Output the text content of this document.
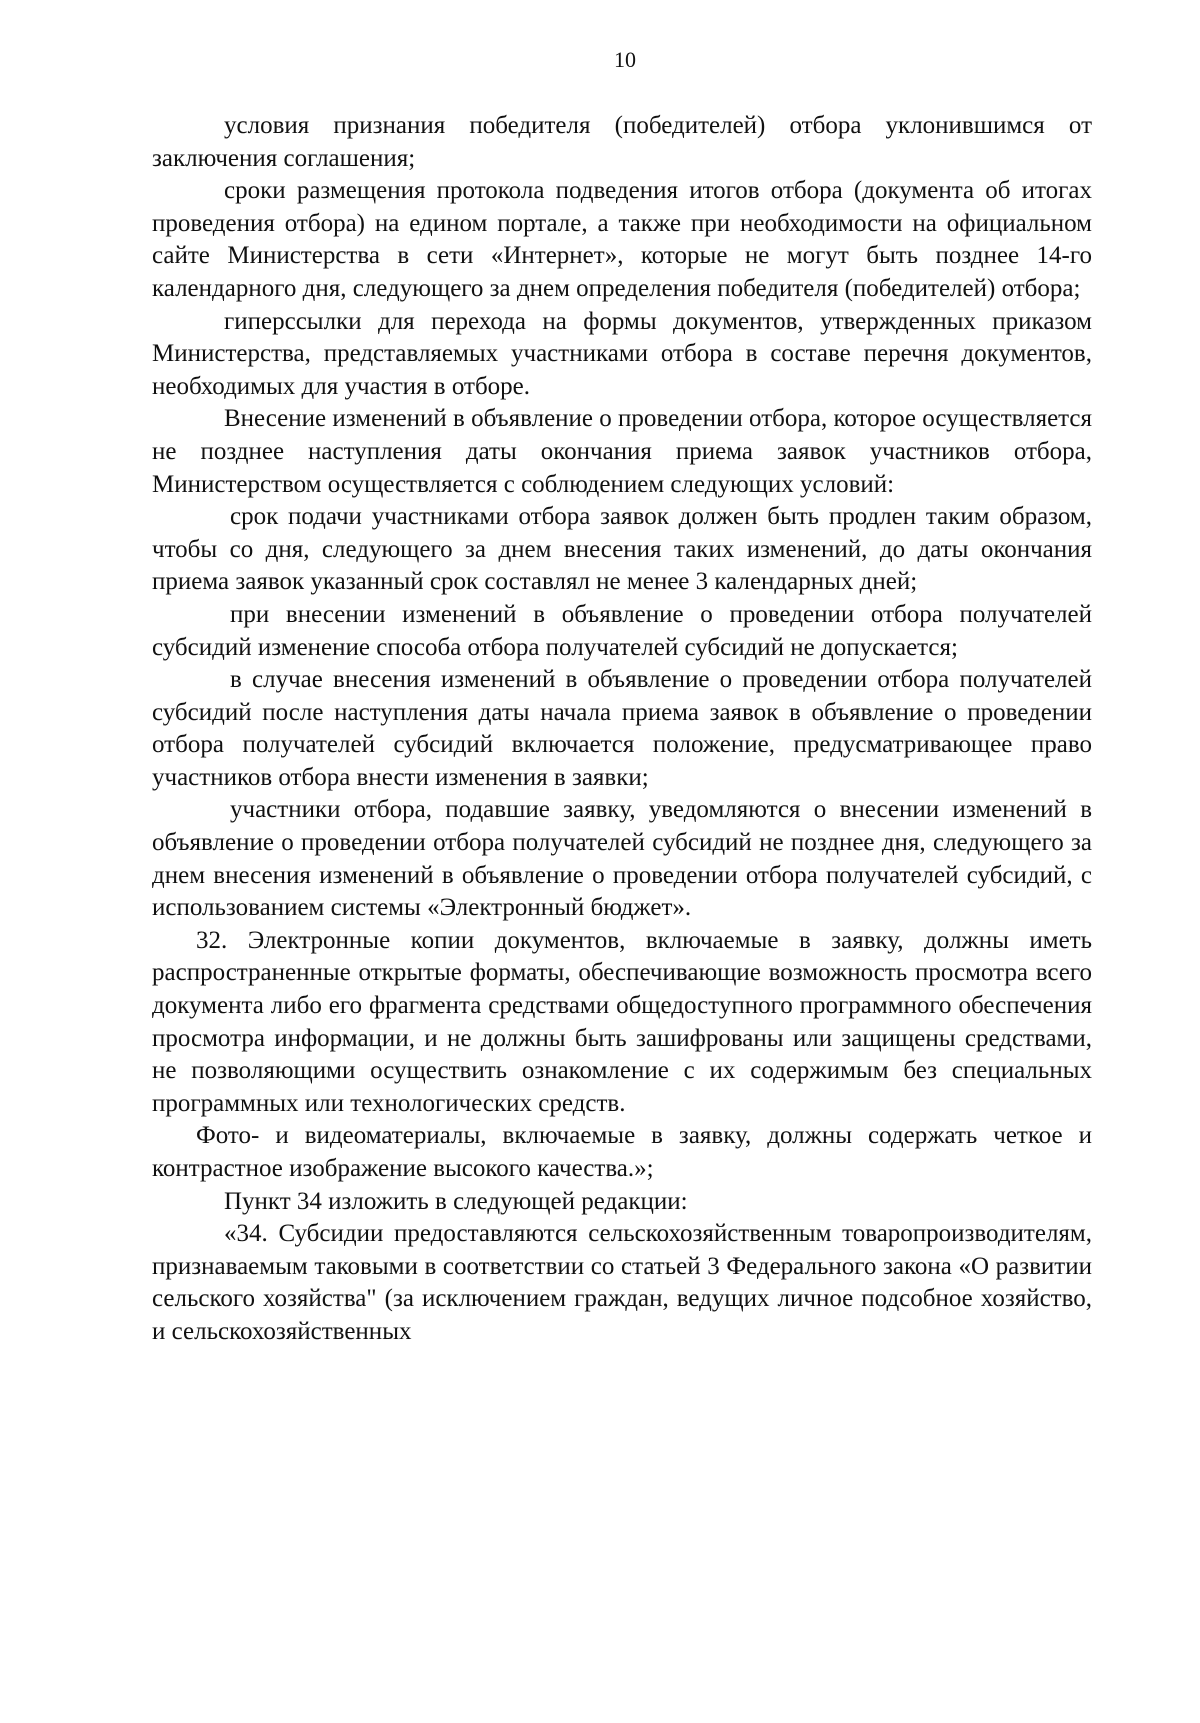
10

условия признания победителя (победителей) отбора уклонившимся от заключения соглашения;

сроки размещения протокола подведения итогов отбора (документа об итогах проведения отбора) на едином портале, а также при необходимости на официальном сайте Министерства в сети «Интернет», которые не могут быть позднее 14-го календарного дня, следующего за днем определения победителя (победителей) отбора;

гиперссылки для перехода на формы документов, утвержденных приказом Министерства, представляемых участниками отбора в составе перечня документов, необходимых для участия в отборе.

Внесение изменений в объявление о проведении отбора, которое осуществляется не позднее наступления даты окончания приема заявок участников отбора, Министерством осуществляется с соблюдением следующих условий:

срок подачи участниками отбора заявок должен быть продлен таким образом, чтобы со дня, следующего за днем внесения таких изменений, до даты окончания приема заявок указанный срок составлял не менее 3 календарных дней;

при внесении изменений в объявление о проведении отбора получателей субсидий изменение способа отбора получателей субсидий не допускается;

в случае внесения изменений в объявление о проведении отбора получателей субсидий после наступления даты начала приема заявок в объявление о проведении отбора получателей субсидий включается положение, предусматривающее право участников отбора внести изменения в заявки;

участники отбора, подавшие заявку, уведомляются о внесении изменений в объявление о проведении отбора получателей субсидий не позднее дня, следующего за днем внесения изменений в объявление о проведении отбора получателей субсидий, с использованием системы «Электронный бюджет».

32. Электронные копии документов, включаемые в заявку, должны иметь распространенные открытые форматы, обеспечивающие возможность просмотра всего документа либо его фрагмента средствами общедоступного программного обеспечения просмотра информации, и не должны быть зашифрованы или защищены средствами, не позволяющими осуществить ознакомление с их содержимым без специальных программных или технологических средств.

Фото- и видеоматериалы, включаемые в заявку, должны содержать четкое и контрастное изображение высокого качества.»;

Пункт 34 изложить в следующей редакции:

«34. Субсидии предоставляются сельскохозяйственным товаропроизводителям, признаваемым таковыми в соответствии со статьей 3 Федерального закона «О развитии сельского хозяйства" (за исключением граждан, ведущих личное подсобное хозяйство, и сельскохозяйственных
